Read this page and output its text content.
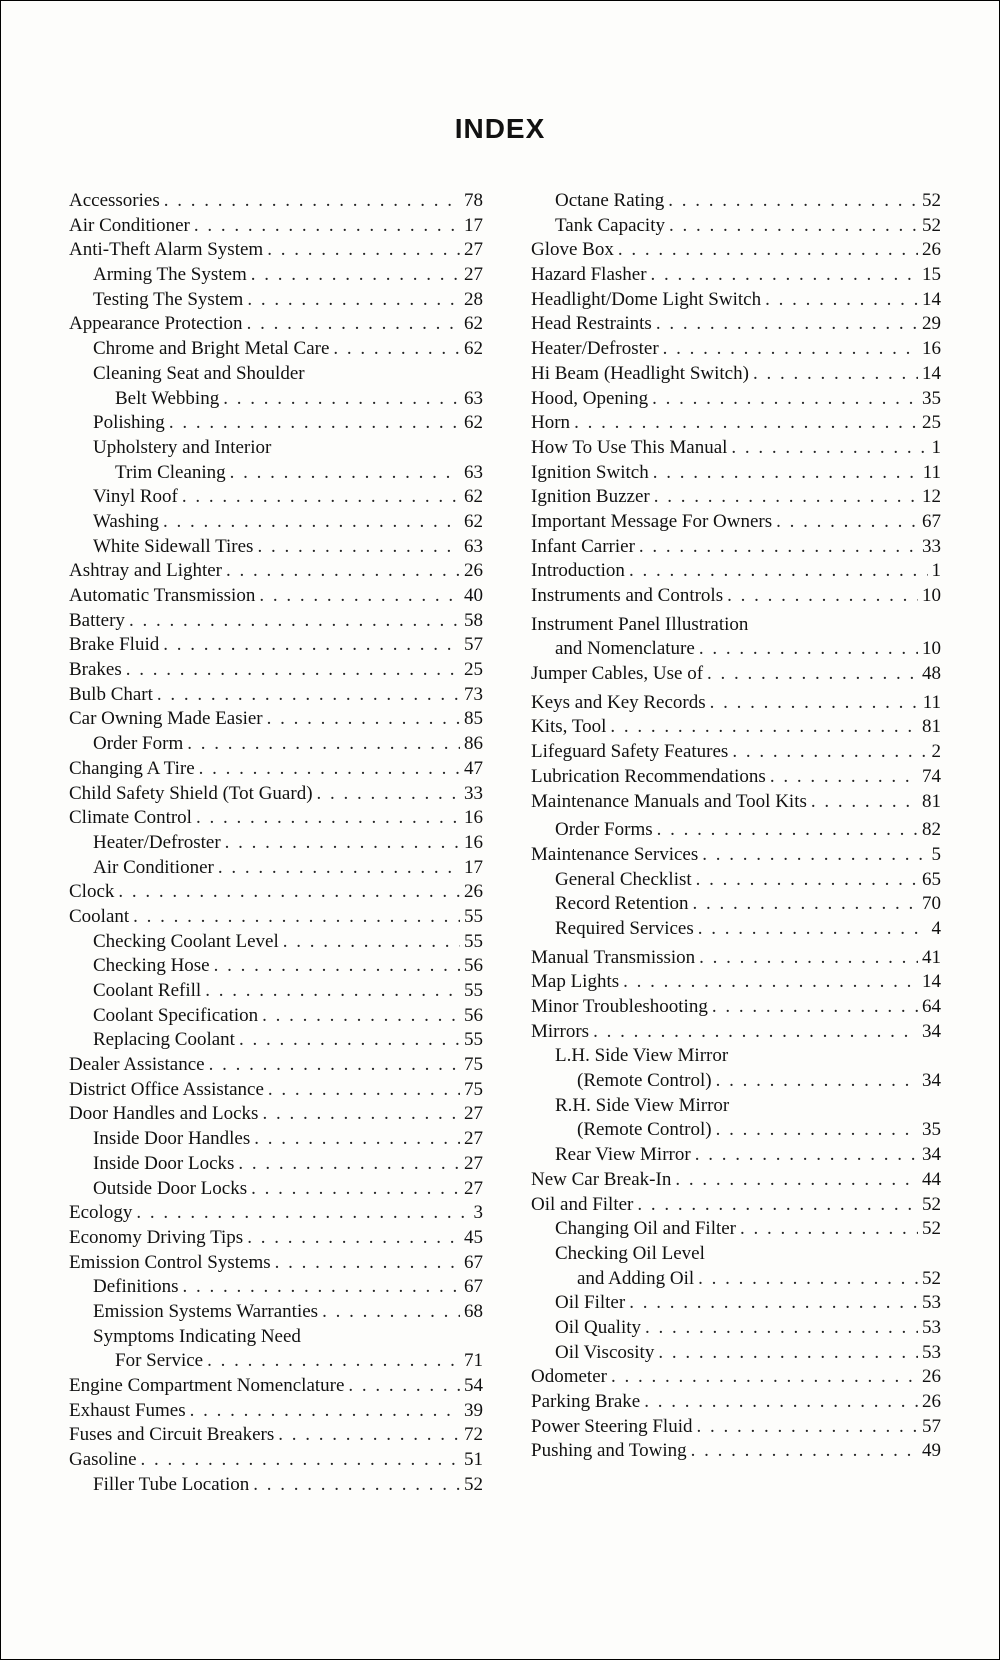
INDEX
Accessories . . .	78
Air Conditioner . . .	17
Anti-Theft Alarm System . . .	27
Arming The System . . .	27
Testing The System . . .	28
Appearance Protection . . .	62
Chrome and Bright Metal Care . . .	62
Cleaning Seat and Shoulder
Belt Webbing . . .	63
Polishing . . .	62
Upholstery and Interior
Trim Cleaning . . .	63
Vinyl Roof . . .	62
Washing . . .	62
White Sidewall Tires . . .	63
Ashtray and Lighter . . .	26
Automatic Transmission . . .	40
Battery . . .	58
Brake Fluid . . .	57
Brakes . . .	25
Bulb Chart . . .	73
Car Owning Made Easier . . .	85
Order Form . . .	86
Changing A Tire . . .	47
Child Safety Shield (Tot Guard) . . .	33
Climate Control . . .	16
Heater/Defroster . . .	16
Air Conditioner . . .	17
Clock . . .	26
Coolant . . .	55
Checking Coolant Level . . .	55
Checking Hose . . .	56
Coolant Refill . . .	55
Coolant Specification . . .	56
Replacing Coolant . . .	55
Dealer Assistance . . .	75
District Office Assistance . . .	75
Door Handles and Locks . . .	27
Inside Door Handles . . .	27
Inside Door Locks . . .	27
Outside Door Locks . . .	27
Ecology . . .	3
Economy Driving Tips . . .	45
Emission Control Systems . . .	67
Definitions . . .	67
Emission Systems Warranties . . .	68
Symptoms Indicating Need
For Service . . .	71
Engine Compartment Nomenclature . . .	54
Exhaust Fumes . . .	39
Fuses and Circuit Breakers . . .	72
Gasoline . . .	51
Filler Tube Location . . .	52
Octane Rating . . .	52
Tank Capacity . . .	52
Glove Box . . .	26
Hazard Flasher . . .	15
Headlight/Dome Light Switch . . .	14
Head Restraints . . .	29
Heater/Defroster . . .	16
Hi Beam (Headlight Switch) . . .	14
Hood, Opening . . .	35
Horn . . .	25
How To Use This Manual . . .	1
Ignition Switch . . .	11
Ignition Buzzer . . .	12
Important Message For Owners . . .	67
Infant Carrier . . .	33
Introduction . . .	1
Instruments and Controls . . .	10
Instrument Panel Illustration
and Nomenclature . . .	10
Jumper Cables, Use of . . .	48
Keys and Key Records . . .	11
Kits, Tool . . .	81
Lifeguard Safety Features . . .	2
Lubrication Recommendations . . .	74
Maintenance Manuals and Tool Kits . . .	81
Order Forms . . .	82
Maintenance Services . . .	5
General Checklist . . .	65
Record Retention . . .	70
Required Services . . .	4
Manual Transmission . . .	41
Map Lights . . .	14
Minor Troubleshooting . . .	64
Mirrors . . .	34
L.H. Side View Mirror
(Remote Control) . . .	34
R.H. Side View Mirror
(Remote Control) . . .	35
Rear View Mirror . . .	34
New Car Break-In . . .	44
Oil and Filter . . .	52
Changing Oil and Filter . . .	52
Checking Oil Level
and Adding Oil . . .	52
Oil Filter . . .	53
Oil Quality . . .	53
Oil Viscosity . . .	53
Odometer . . .	26
Parking Brake . . .	26
Power Steering Fluid . . .	57
Pushing and Towing . . .	49
